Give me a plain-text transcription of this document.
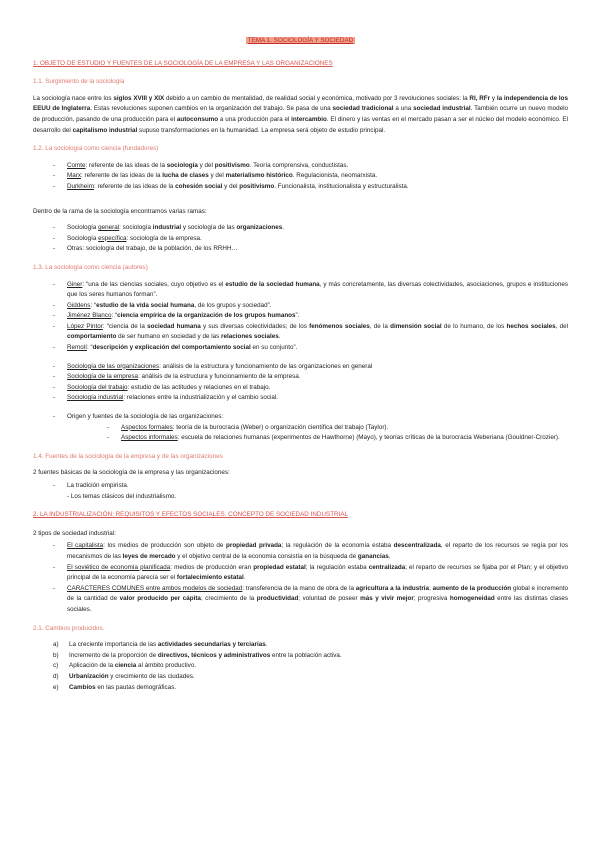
TEMA 1. SOCIOLOGÍA Y SOCIEDAD
1. OBJETO DE ESTUDIO Y FUENTES DE LA SOCIOLOGÍA DE LA EMPRESA Y LAS ORGANIZACIONES
1.1. Surgimiento de la sociología

La sociología nace entre los siglos XVIII y XIX debido a un cambio de mentalidad, de realidad social y económica, motivado por 3 revoluciones sociales: la RI, RFr y la independencia de los EEUU de Inglaterra. Estas revoluciones suponen cambios en la organización del trabajo. Se pasa de una sociedad tradicional a una sociedad industrial. También ocurre un nuevo modelo de producción, pasando de una producción para el autoconsumo a una producción para el intercambio. El dinero y las ventas en el mercado pasan a ser el núcleo del modelo económico. El desarrollo del capitalismo industrial supuso transformaciones en la humanidad. La empresa será objeto de estudio principal.

1.2. La sociología como ciencia (fundadores)
- Comte: referente de las ideas de la sociología y del positivismo. Teoría comprensiva, conductistas.
- Marx: referente de las ideas de la lucha de clases y del materialismo histórico. Regulacionista, neomarxista.
- Durkheim: referente de las ideas de la cohesión social y del positivismo. Funcionalista, institucionalista y estructuralista.

Dentro de la rama de la sociología encontramos varias ramas:

- Sociología general: sociología industrial y sociología de las organizaciones.
- Sociología específica: sociología de la empresa.
- Otras: sociología del trabajo, de la población, de los RRHH…
1.3. La sociología como ciencia (autores)
- Giner: “una de las ciencias sociales, cuyo objetivo es el estudio de la sociedad humana, y más concretamente, las diversas colectividades, asociaciones, grupos e instituciones que los seres humanos forman”.
- Giddens: “estudio de la vida social humana, de los grupos y sociedad”.
- Jiménez Blanco: “ciencia empírica de la organización de los grupos humanos”.
- López Pintor: “ciencia de la sociedad humana y sus diversas colectividades; de los fenómenos sociales, de la dimensión social de lo humano, de los hechos sociales, del comportamiento de ser humano en sociedad y de las relaciones sociales.
- Remolí: “descripción y explicación del comportamiento social en su conjunto”.
- Sociología de las organizaciones: análisis de la estructura y funcionamiento de las organizaciones en general
- Sociología de la empresa: análisis de la estructura y funcionamiento de la empresa.
- Sociología del trabajo: estudio de las actitudes y relaciones en el trabajo.
- Sociología industrial: relaciones entre la industrialización y el cambio social.
- Origen y fuentes de la sociología de las organizaciones:
- Aspectos formales: teoría de la burocracia (Weber) o organización científica del trabajo (Taylor).
- Aspectos informales: escuela de relaciones humanas (experimentos de Hawthorne) (Mayo), y teorías críticas de la burocracia Weberiana (Gouldner-Crozier).
1.4. Fuentes de la sociología de la empresa y de las organizaciones

2 fuentes básicas de la sociología de la empresa y las organizaciones:

- La tradición empirista.
- Los temas clásicos del industrialismo.
2. LA INDUSTRIALIZACIÓN: REQUISITOS Y EFECTOS SOCIALES. CONCEPTO DE SOCIEDAD INDUSTRIAL

2 tipos de sociedad industrial:

- El capitalista: los medios de producción son objeto de propiedad privada; la regulación de la economía estaba descentralizada, el reparto de los recursos se regía por los mecanismos de las leyes de mercado y el objetivo central de la economía consistía en la búsqueda de ganancias.
- El soviético de economía planificada: medios de producción eran propiedad estatal; la regulación estaba centralizada; el reparto de recursos se fijaba por el Plan; y el objetivo principal de la economía parecía ser el fortalecimiento estatal.
- CARACTERES COMUNES entre ambos modelos de sociedad: transferencia de la mano de obra de la agricultura a la industria; aumento de la producción global e incremento de la cantidad de valor producido per cápita; crecimiento de la productividad; voluntad de poseer más y vivir mejor; progresiva homogeneidad entre las distintas clases sociales.
2.1. Cambios producidos.
a) La creciente importancia de las actividades secundarias y terciarias.
b) Incremento de la proporción de directivos, técnicos y administrativos entre la población activa.
c) Aplicación de la ciencia al ámbito productivo.
d) Urbanización y crecimiento de las ciudades.
e) Cambios en las pautas demográficas.
